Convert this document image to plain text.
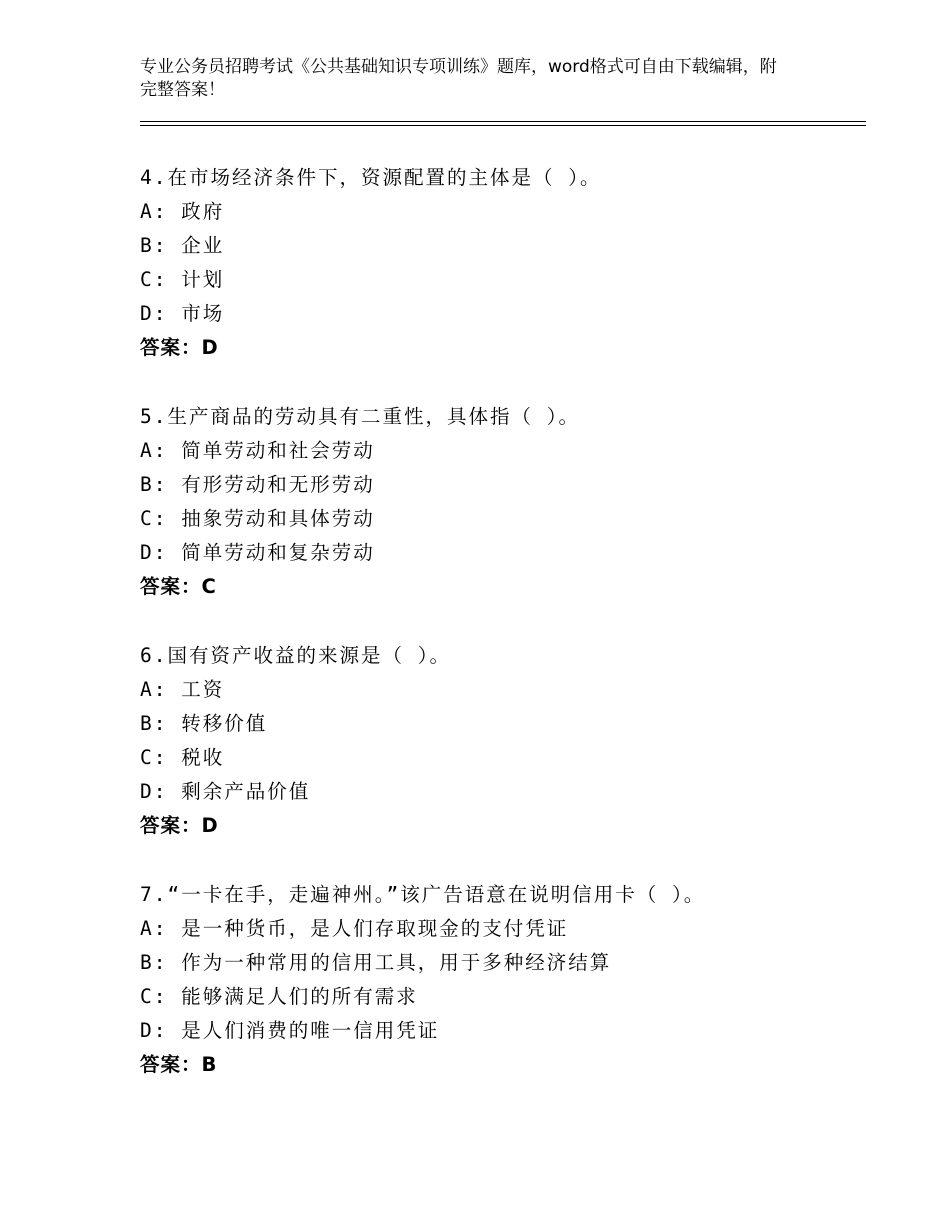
专业公务员招聘考试《公共基础知识专项训练》题库，word格式可自由下载编辑，附完整答案！
4.在市场经济条件下，资源配置的主体是（ ）。
A: 政府
B: 企业
C: 计划
D: 市场
答案：D
5.生产商品的劳动具有二重性，具体指（ ）。
A: 简单劳动和社会劳动
B: 有形劳动和无形劳动
C: 抽象劳动和具体劳动
D: 简单劳动和复杂劳动
答案：C
6.国有资产收益的来源是（ ）。
A: 工资
B: 转移价值
C: 税收
D: 剩余产品价值
答案：D
7.“一卡在手，走遍神州。”该广告语意在说明信用卡（ ）。
A: 是一种货币，是人们存取现金的支付凭证
B: 作为一种常用的信用工具，用于多种经济结算
C: 能够满足人们的所有需求
D: 是人们消费的唯一信用凭证
答案：B
